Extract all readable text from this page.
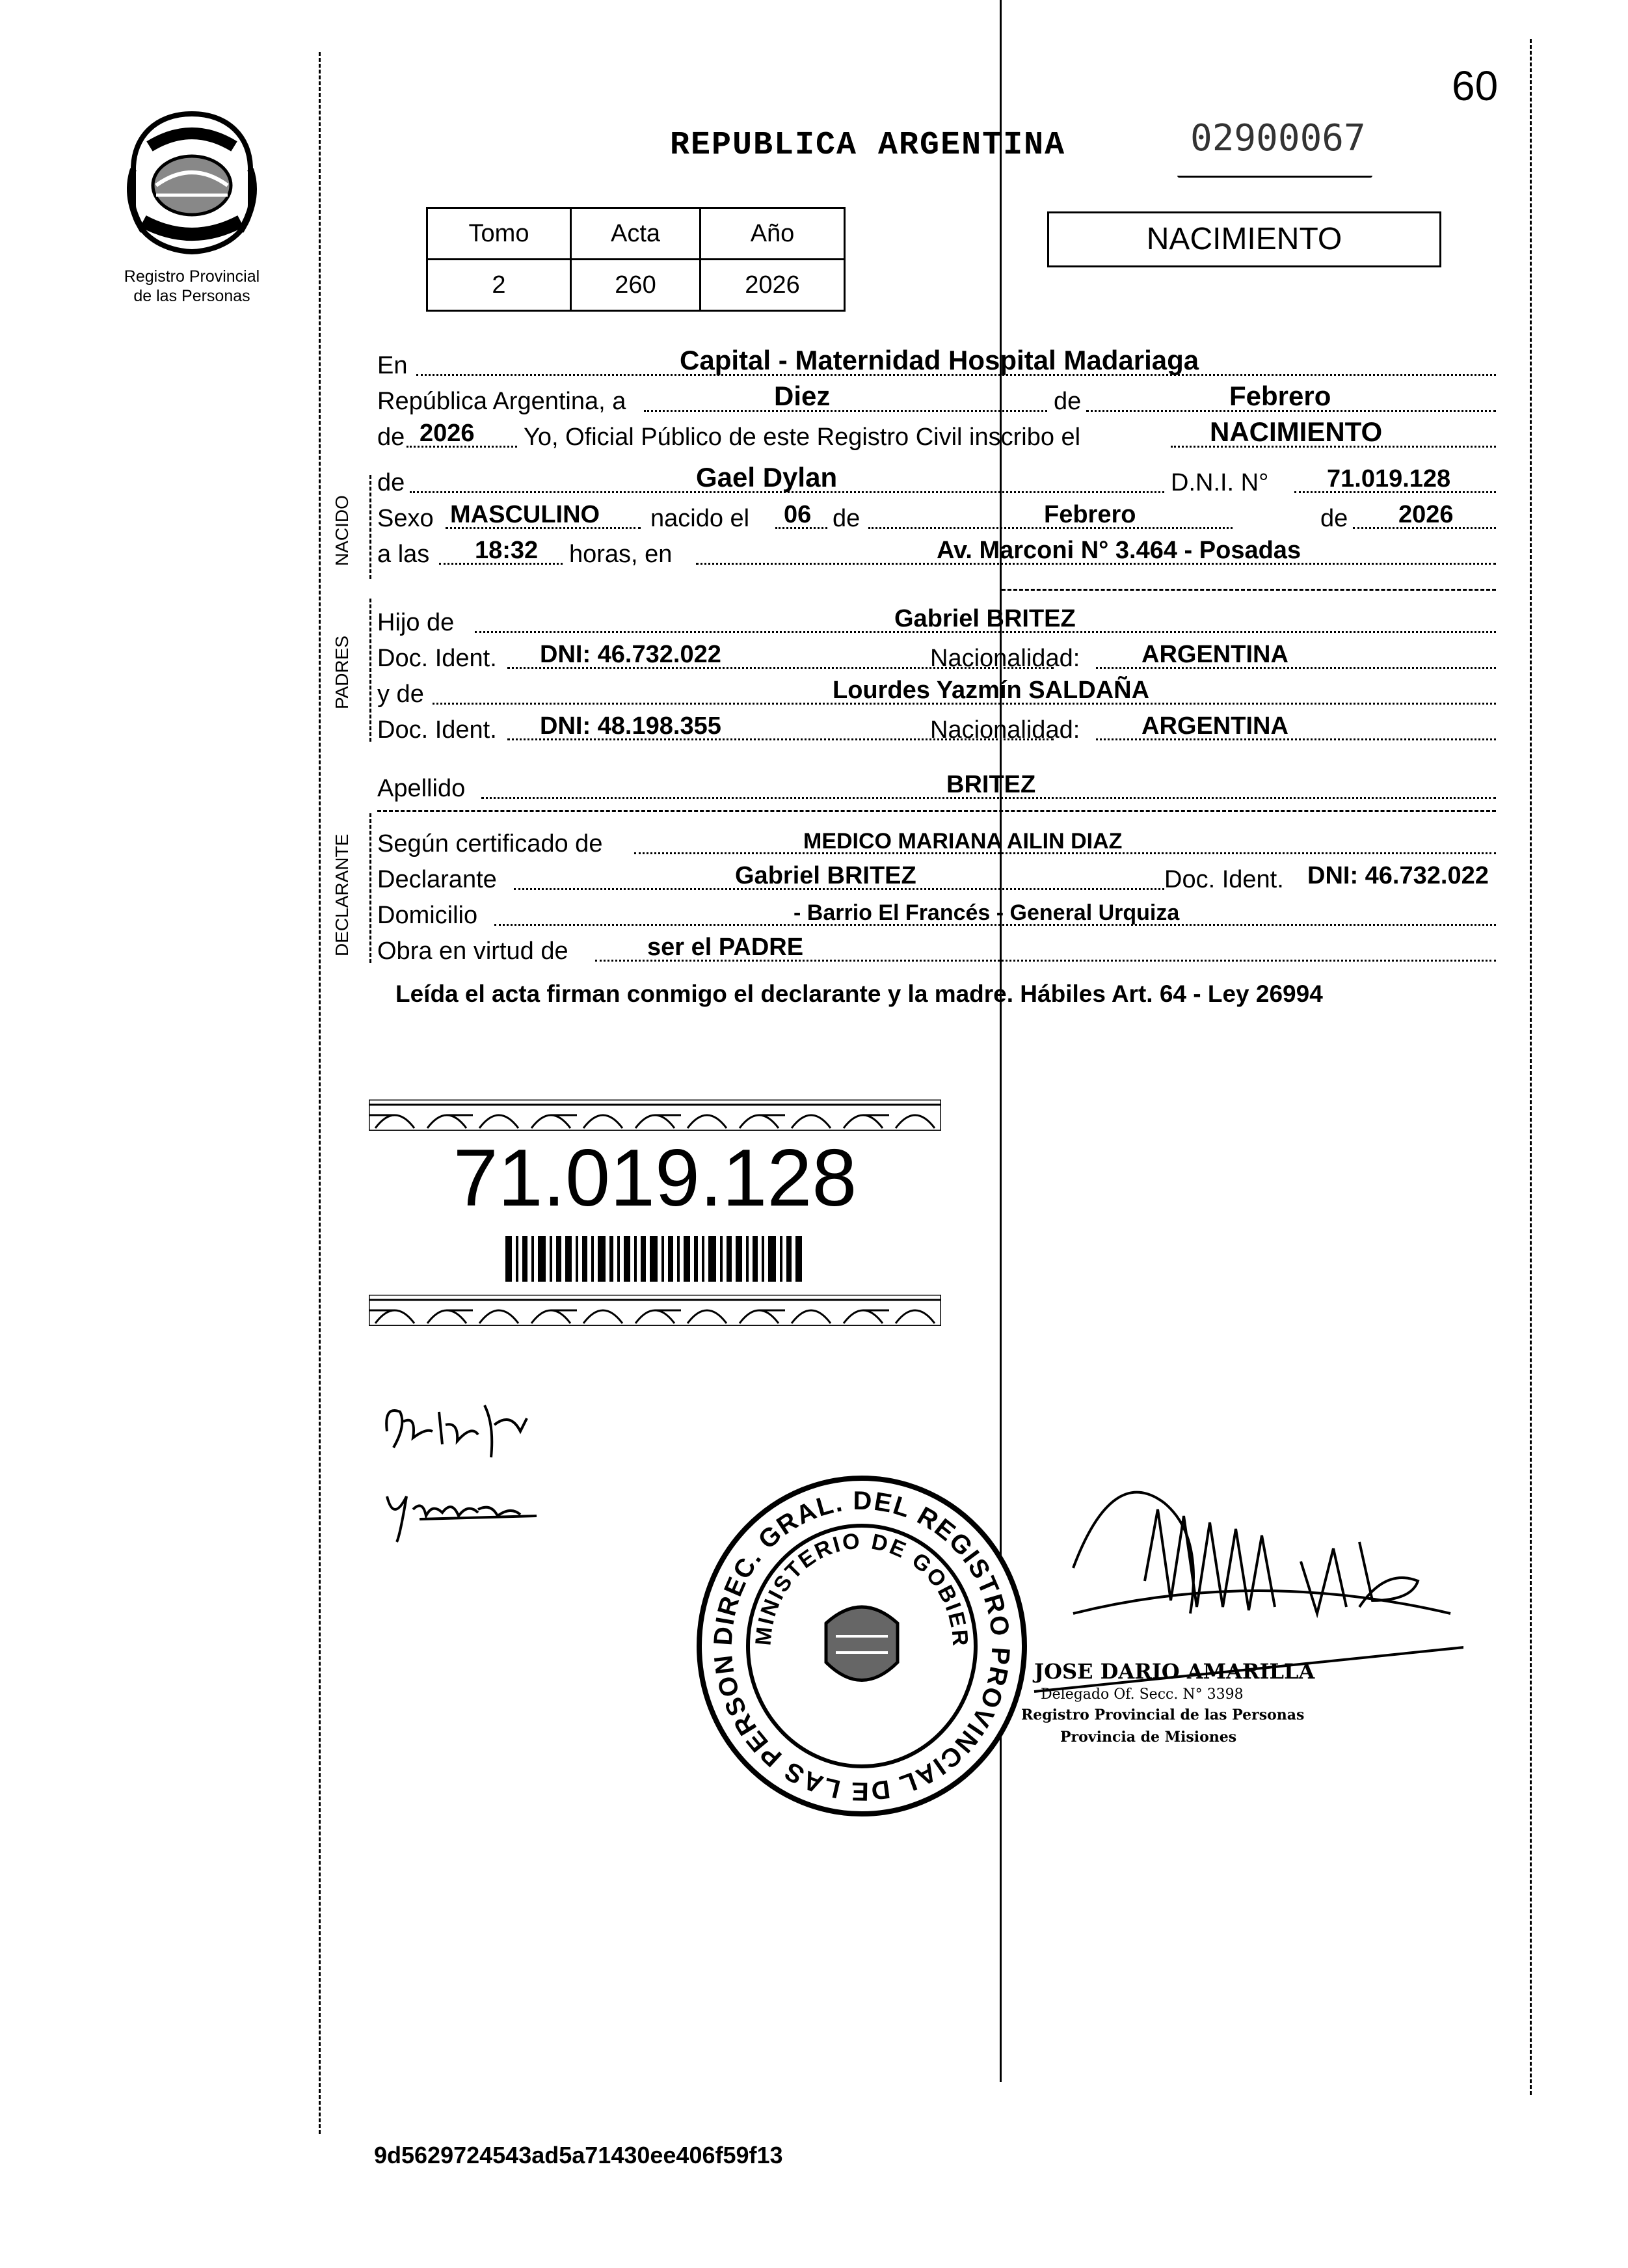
60
Registro Provincial
de las Personas
REPUBLICA ARGENTINA	02900067
Tomo	Acta	Año
2	260	2026
NACIMIENTO
NACIDO
PADRES
DECLARANTE
En	Capital - Maternidad Hospital Madariaga
República Argentina, a	Diez	de	Febrero
de 2026 Yo, Oficial Público de este Registro Civil inscribo el	NACIMIENTO
de	Gael Dylan	D.N.I. N° 71.019.128
Sexo MASCULINO nacido el 06 de	Febrero	de 2026
a las 18:32 horas, en	Av. Marconi N° 3.464 - Posadas
Hijo de	Gabriel BRITEZ
Doc. Ident. DNI: 46.732.022	Nacionalidad: ARGENTINA
y de	Lourdes Yazmín SALDAÑA
Doc. Ident. DNI: 48.198.355	Nacionalidad: ARGENTINA
Apellido	BRITEZ
Según certificado de	MEDICO MARIANA AILIN DIAZ
Declarante	Gabriel BRITEZ	Doc. Ident. DNI: 46.732.022
Domicilio	- Barrio El Francés - General Urquiza
Obra en virtud de	ser el PADRE
Leída el acta firman conmigo el declarante y la madre. Hábiles Art. 64 - Ley 26994
71.019.128
DIREC. GRAL. DEL REGISTRO PROVINCIAL DE LAS PERSON
MINISTERIO DE GOBIER
JOSE DARIO AMARILLA
Delegado Of. Secc. N° 3398
Registro Provincial de las Personas
Provincia de Misiones
9d5629724543ad5a71430ee406f59f13
